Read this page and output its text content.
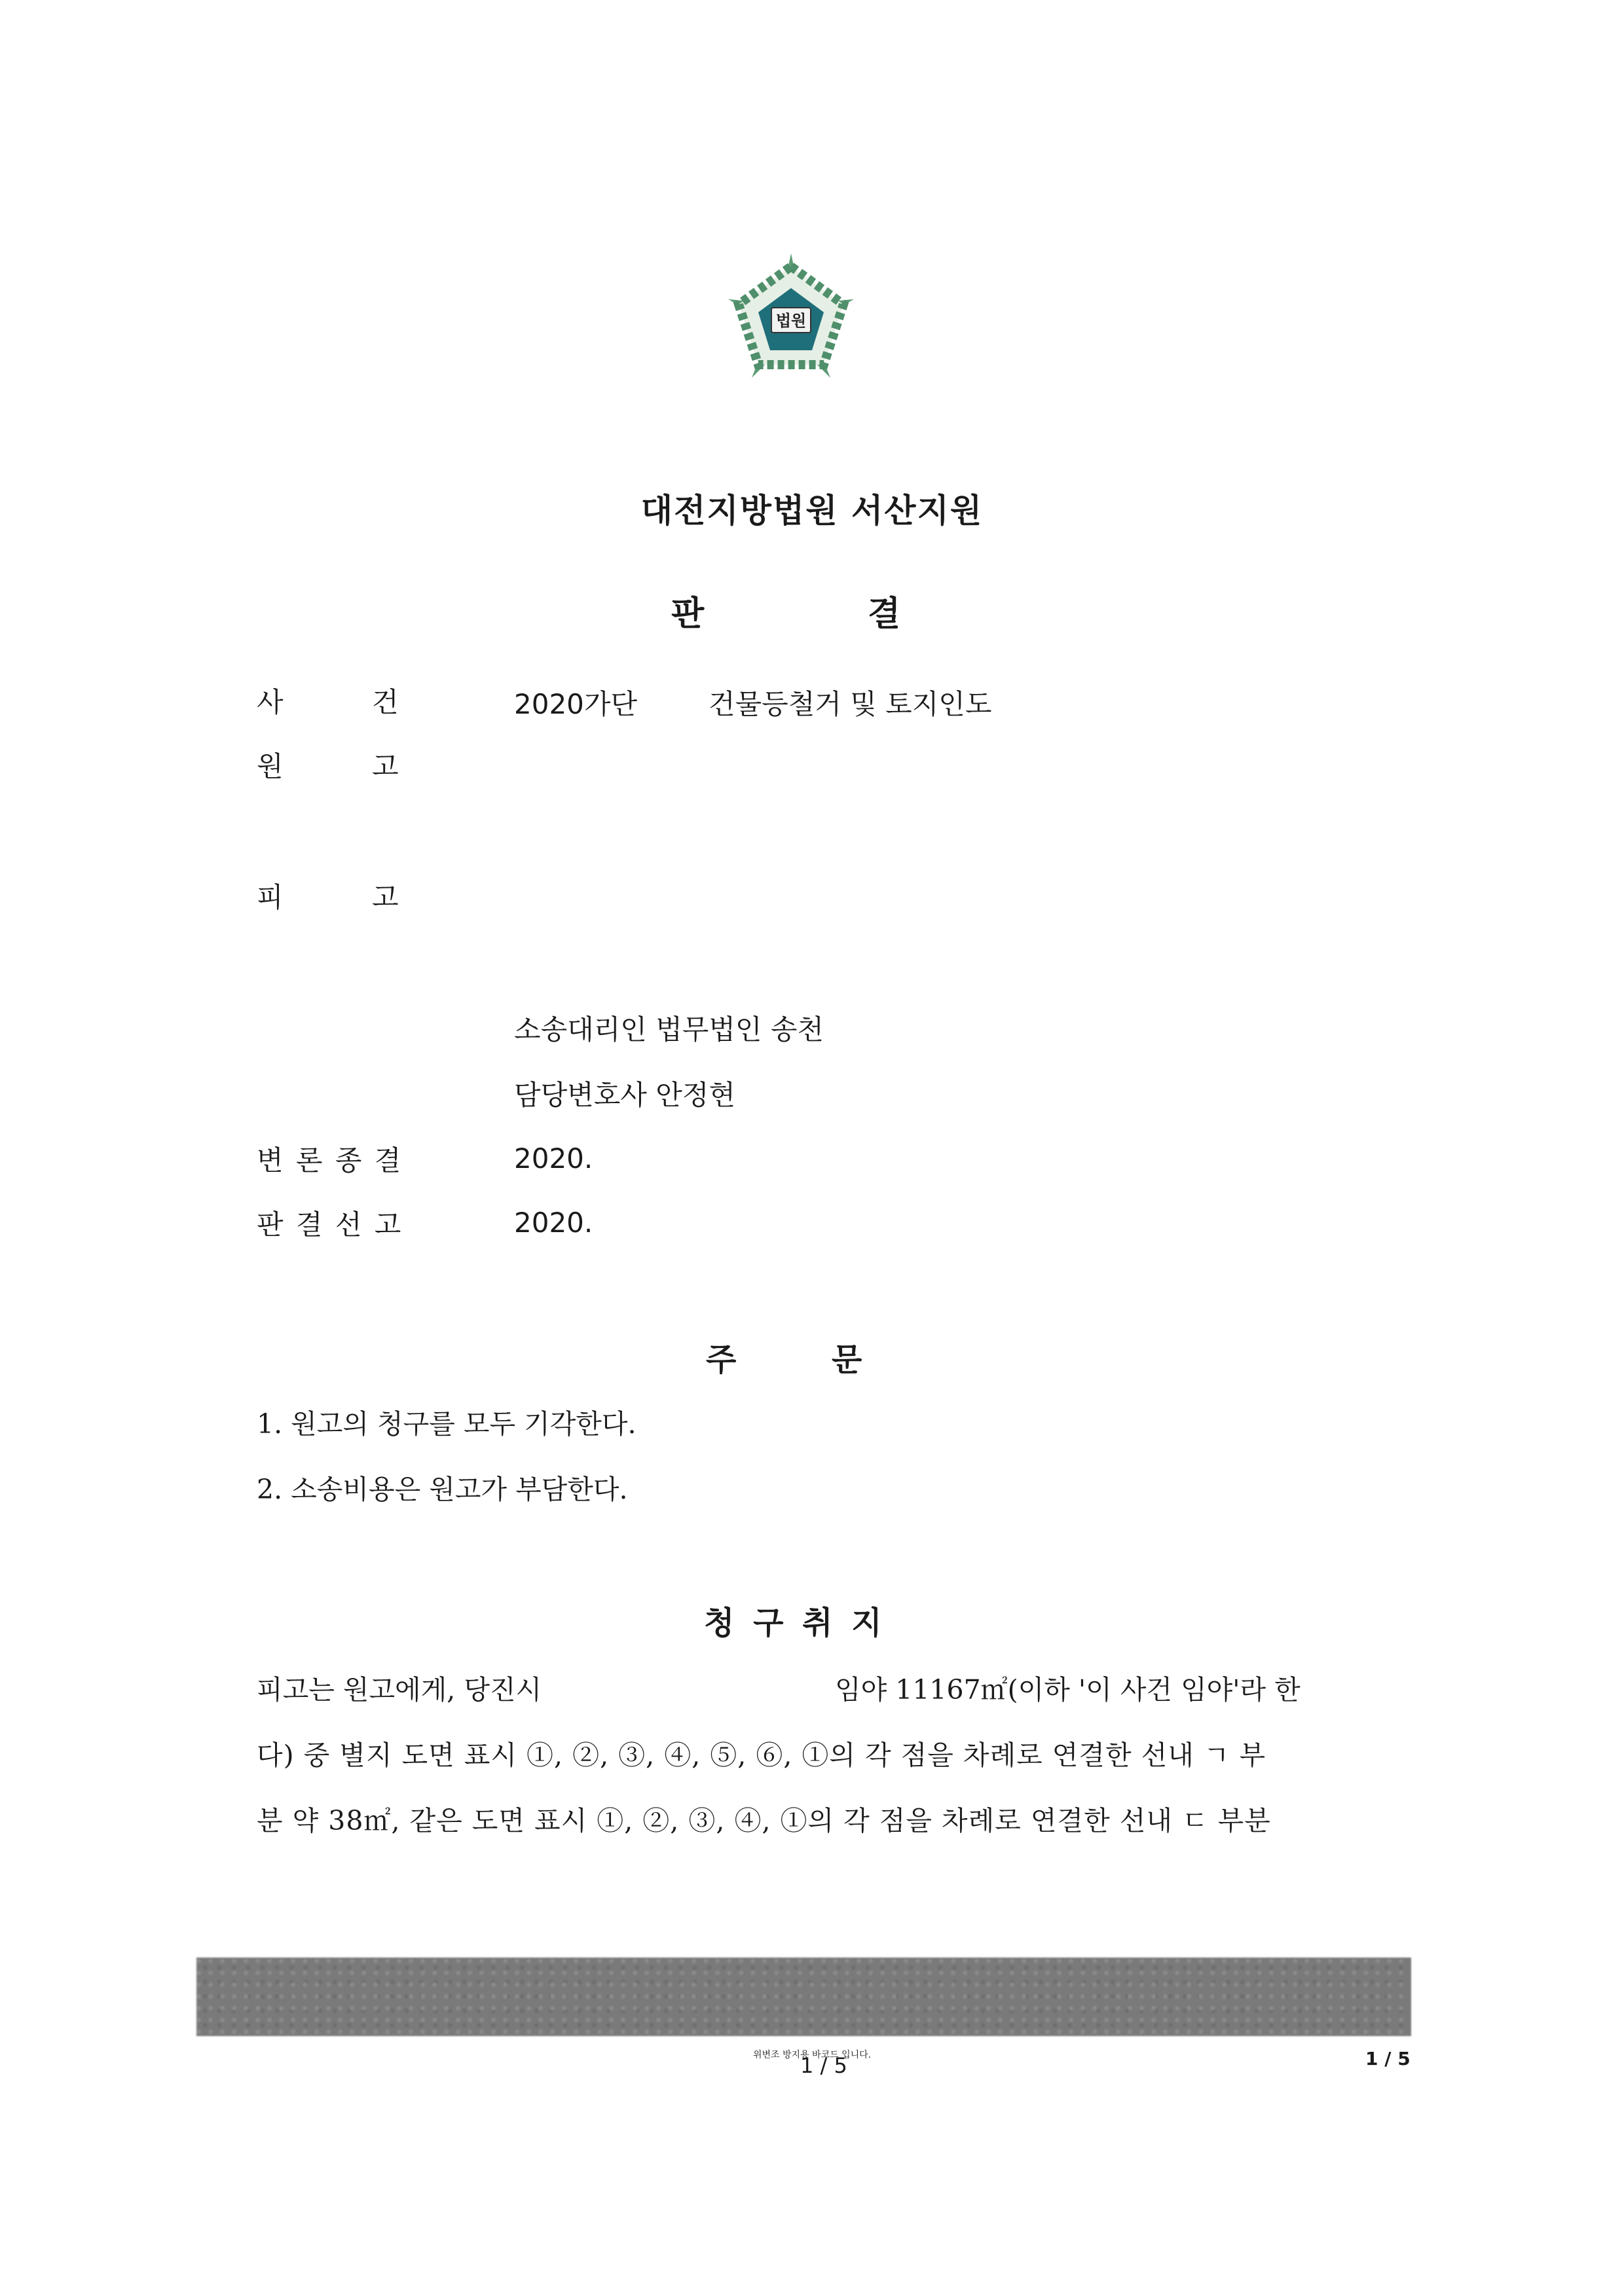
법원
대전지방법원 서산지원
판	결
사	건	2020가단	건물등철거 및 토지인도
원	고
피	고
소송대리인 법무법인 송천
담당변호사 안정현
변 론 종 결	2020.
판 결 선 고	2020.
주	문
1. 원고의 청구를 모두 기각한다.
2. 소송비용은 원고가 부담한다.
청 구 취 지
피고는 원고에게, 당진시	임야 11167㎡(이하 '이 사건 임야'라 한
다) 중 별지 도면 표시 ①, ②, ③, ④, ⑤, ⑥, ①의 각 점을 차례로 연결한 선내 ㄱ 부
분 약 38㎡, 같은 도면 표시 ①, ②, ③, ④, ①의 각 점을 차례로 연결한 선내 ㄷ 부분
위변조 방지용 바코드 입니다.
1 / 5	1 / 5
